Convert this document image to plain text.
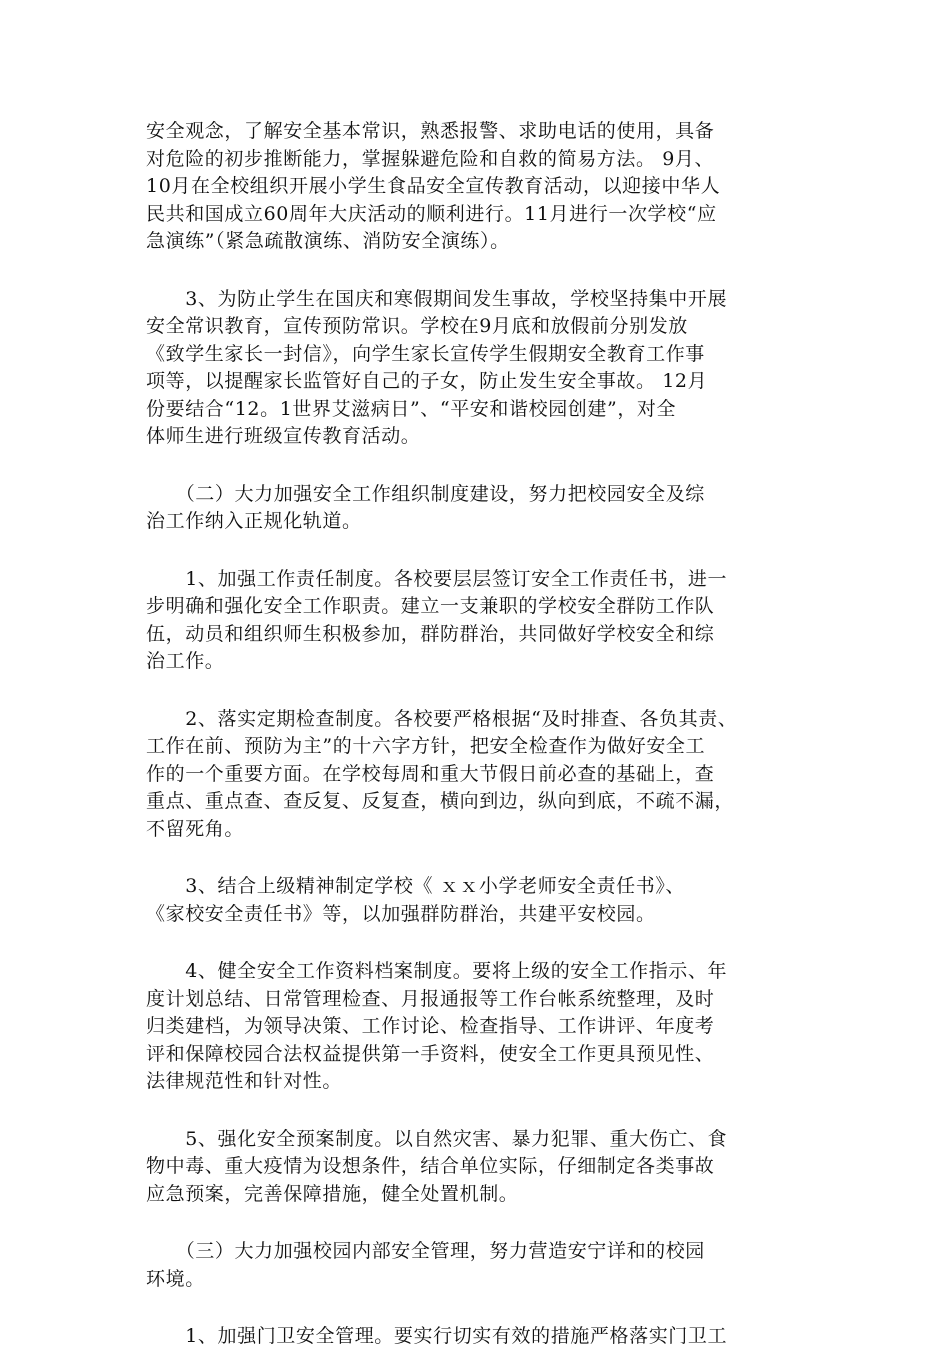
安全观念，了解安全基本常识，熟悉报警、求助电话的使用，具备
对危险的初步推断能力，掌握躲避危险和自救的简易方法。 9月、
10月在全校组织开展小学生食品安全宣传教育活动，以迎接中华人
民共和国成立60周年大庆活动的顺利进行。11月进行一次学校“应
急演练”（紧急疏散演练、消防安全演练）。

　　3、为防止学生在国庆和寒假期间发生事故，学校坚持集中开展
安全常识教育，宣传预防常识。学校在9月底和放假前分别发放
《致学生家长一封信》，向学生家长宣传学生假期安全教育工作事
项等，以提醒家长监管好自己的子女，防止发生安全事故。 12月
份要结合“12。1世界艾滋病日”、“平安和谐校园创建”，对全
体师生进行班级宣传教育活动。

　　（二）大力加强安全工作组织制度建设，努力把校园安全及综
治工作纳入正规化轨道。

　　1、加强工作责任制度。各校要层层签订安全工作责任书，进一
步明确和强化安全工作职责。建立一支兼职的学校安全群防工作队
伍，动员和组织师生积极参加，群防群治，共同做好学校安全和综
治工作。

　　2、落实定期检查制度。各校要严格根据“及时排查、各负其责、
工作在前、预防为主”的十六字方针，把安全检查作为做好安全工
作的一个重要方面。在学校每周和重大节假日前必查的基础上，查
重点、重点查、查反复、反复查，横向到边，纵向到底，不疏不漏，
不留死角。

　　3、结合上级精神制定学校《 ｘｘ小学老师安全责任书》、
《家校安全责任书》等，以加强群防群治，共建平安校园。

　　4、健全安全工作资料档案制度。要将上级的安全工作指示、年
度计划总结、日常管理检查、月报通报等工作台帐系统整理，及时
归类建档，为领导决策、工作讨论、检查指导、工作讲评、年度考
评和保障校园合法权益提供第一手资料，使安全工作更具预见性、
法律规范性和针对性。

　　5、强化安全预案制度。以自然灾害、暴力犯罪、重大伤亡、食
物中毒、重大疫情为设想条件，结合单位实际，仔细制定各类事故
应急预案，完善保障措施，健全处置机制。

　　（三）大力加强校园内部安全管理，努力营造安宁详和的校园
环境。

　　1、加强门卫安全管理。要实行切实有效的措施严格落实门卫工
